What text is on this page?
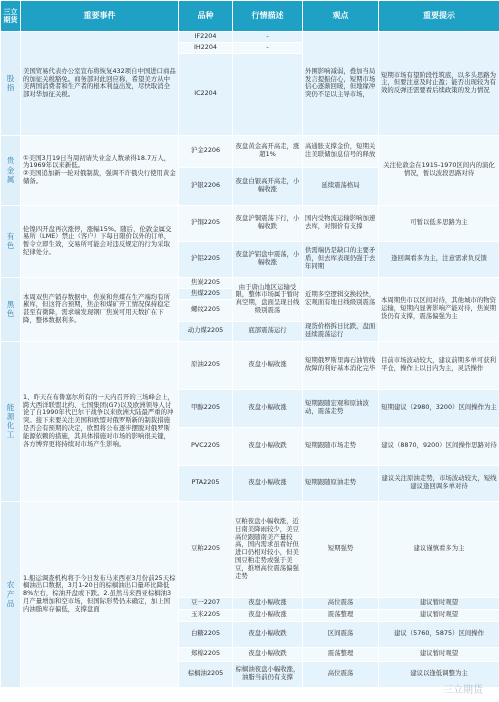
三立
期货	重要事件	品种	行情描述	观点	重要提示
股
指	美国贸易代表办公室宣布将恢复432项自中国进口商品的加征关税豁免。商务部对此回应称，希望美方从中美两国消费者和生产者的根本利益出发，尽快取消全部对华加征关税。	IF2204	-	外围影响减弱，叠加当局发言提振信心，短期市场信心逐渐回暖，但地缘冲突仍不足以主导市场，	短期市场有望阶段性筑底，以多头思路为主，但要注意及时止盈；能否出现较为有效的反弹还需要看后续政策的发力情况
		IH2204	-		
		IC2204			
贵
金
属	①美国3月19日当周初请失业金人数录得18.7万人，为1969年以来新低。
②美国追加新一轮对俄制裁，强调不许俄央行使用黄金储备。	沪金2206	夜盘黄金高开高走，涨超1%	高通胀支撑金价，短期关注美联储加息信号的释放	关注伦敦金在1915-1970区间内的演化情况，暂以波段思路对待
		沪银2206	夜盘白银高开高走，小幅收涨	延续震荡格局	
有
色	伦镍四开盘再次涨停，涨幅15%。随后，伦敦金属交易所（LME）禁止（客户）下每日限价以外的订单，暂令立即生效，交易所可能会对违反规定的行为采取纪律处分。	沪铜2205	夜盘沪铜震荡下行，小幅收跌	国内受物流运输影响加速去库，对铜价有支撑	可暂以低多思路为主
		沪铝2205	夜盘沪铝盘中震荡，小幅收涨	供需端仍是缺口的主要矛盾，但去库表现仍强于去年同期	逢回调看多为主，注意需求负反馈
黑
色	本周双焦产销存数据中，焦炭和焦煤在生产端均有所累库，但这符合预期，焦企和煤矿开工情况保持稳定甚至有微降，需求端发现钢厂焦炭可用天数扩在下降，整体数据利多。	焦炭2205	由于唐山地区运输受限，整体市场属于暂时真空期，盘面呈现日线级别震荡	近期多空逻辑交换较快，宏观面有地日线级别震荡	本周期焦市以区间对待，其他城市的物资运输，短期内显著影响产能对待，焦炭期货仍有支撑，震荡偏强为主
		焦煤2205			
		螺纹2205			
		动力煤2205	底部震荡运行	现货价格拆日比跌，盘面延续震荡运行	
能
源
化
工	1、昨天在布鲁塞尔所有的一天内召开的三场峰会上，跨大西洋联盟北约、七国集团(G7)以及欧洲领导人讨论了自1990年代巴尔干战争以来欧洲大陆最严重的冲突。接下来要关注美国和欧盟对俄罗斯新的制裁措施是否会有预期的决定，欧盟将公布逐步摆脱对俄罗斯能源依赖的措施，其具体措施对市场的影响很关键，各方博弈更将持续对市场产生影响。	原油2205	夜盘小幅收涨	短期俄罗斯里海石油管线故障的利好基本消化完毕	目前市场波动较大，建议前期多单可获利平仓，操作上以日内为主，灵活操作
		甲醇2205	夜盘小幅收涨	短期跟随宏观和原油波动，震荡走势	短期建议（2980，3200）区间操作为主
		PVC2205	夜盘小幅收跌	短期跟随市场走势	建议（8870，9200）区间操作思路对待
		PTA2205	夜盘小幅收涨	短期跟随原油走势	建议关注原油走势，市场波动较大，短线建议逢回调多单对待
农
产
品	1.船运调查机构将于今日发布马来西亚3月份前25天棕榈油出口数据，3月1-20日的棕榈油出口量环比降低8%左右，棕油开盘或下跌。2.虽然马来西亚棕榈油3月产量增加和空市场，但国际形势仍未确定，加上国内油脂库存偏低，支撑盘面	豆粕2205	豆粕夜盘小幅收涨，近日南美降雨较少，美豆高位跟随南美产量较高，国内需求虽看好但进口仍相对较小，但美国豆粕走势或强于美豆，推增高位震荡偏强走势	短期强势	建议谨慎看多为主
		豆一2207	夜盘小幅收涨	高位震荡	建议暂时观望
		玉米2205	夜盘小幅收涨	震荡整理	建议暂时观望
		白糖2205	夜盘小幅收跌	区间震荡	建议（5760，5875）区间操作
		郑棉2205	夜盘小幅收跌	震荡整理	建议暂时观望
		棕榈油2205	棕榈油夜盘小幅收涨，油脂当前仍有支撑	高位震荡	建议以逢低调整为主
三立期货
